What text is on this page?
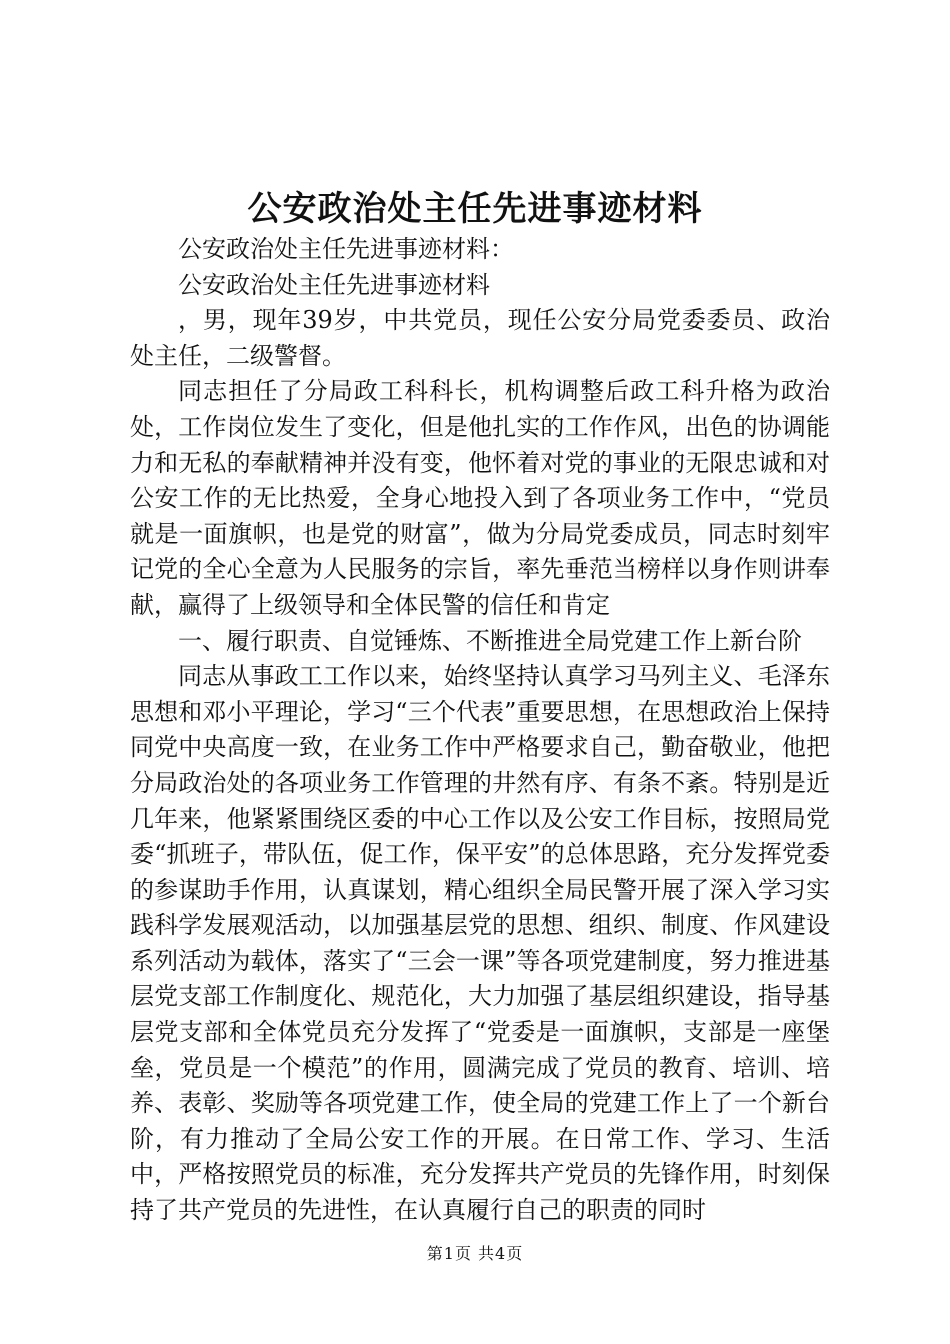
公安政治处主任先进事迹材料

公安政治处主任先进事迹材料：

公安政治处主任先进事迹材料

，男，现年39岁，中共党员，现任公安分局党委委员、政治处主任，二级警督。

同志担任了分局政工科科长，机构调整后政工科升格为政治处，工作岗位发生了变化，但是他扎实的工作作风，出色的协调能力和无私的奉献精神并没有变，他怀着对党的事业的无限忠诚和对公安工作的无比热爱，全身心地投入到了各项业务工作中，“党员就是一面旗帜，也是党的财富”，做为分局党委成员，同志时刻牢记党的全心全意为人民服务的宗旨，率先垂范当榜样以身作则讲奉献，赢得了上级领导和全体民警的信任和肯定

一、履行职责、自觉锤炼、不断推进全局党建工作上新台阶

同志从事政工工作以来，始终坚持认真学习马列主义、毛泽东思想和邓小平理论，学习“三个代表”重要思想，在思想政治上保持同党中央高度一致，在业务工作中严格要求自己，勤奋敬业，他把分局政治处的各项业务工作管理的井然有序、有条不紊。特别是近几年来，他紧紧围绕区委的中心工作以及公安工作目标，按照局党委“抓班子，带队伍，促工作，保平安”的总体思路，充分发挥党委的参谋助手作用，认真谋划，精心组织全局民警开展了深入学习实践科学发展观活动，以加强基层党的思想、组织、制度、作风建设系列活动为载体，落实了“三会一课”等各项党建制度，努力推进基层党支部工作制度化、规范化，大力加强了基层组织建设，指导基层党支部和全体党员充分发挥了“党委是一面旗帜，支部是一座堡垒，党员是一个模范”的作用，圆满完成了党员的教育、培训、培养、表彰、奖励等各项党建工作，使全局的党建工作上了一个新台阶，有力推动了全局公安工作的开展。在日常工作、学习、生活中，严格按照党员的标准，充分发挥共产党员的先锋作用，时刻保持了共产党员的先进性，在认真履行自己的职责的同时

第1页 共4页
